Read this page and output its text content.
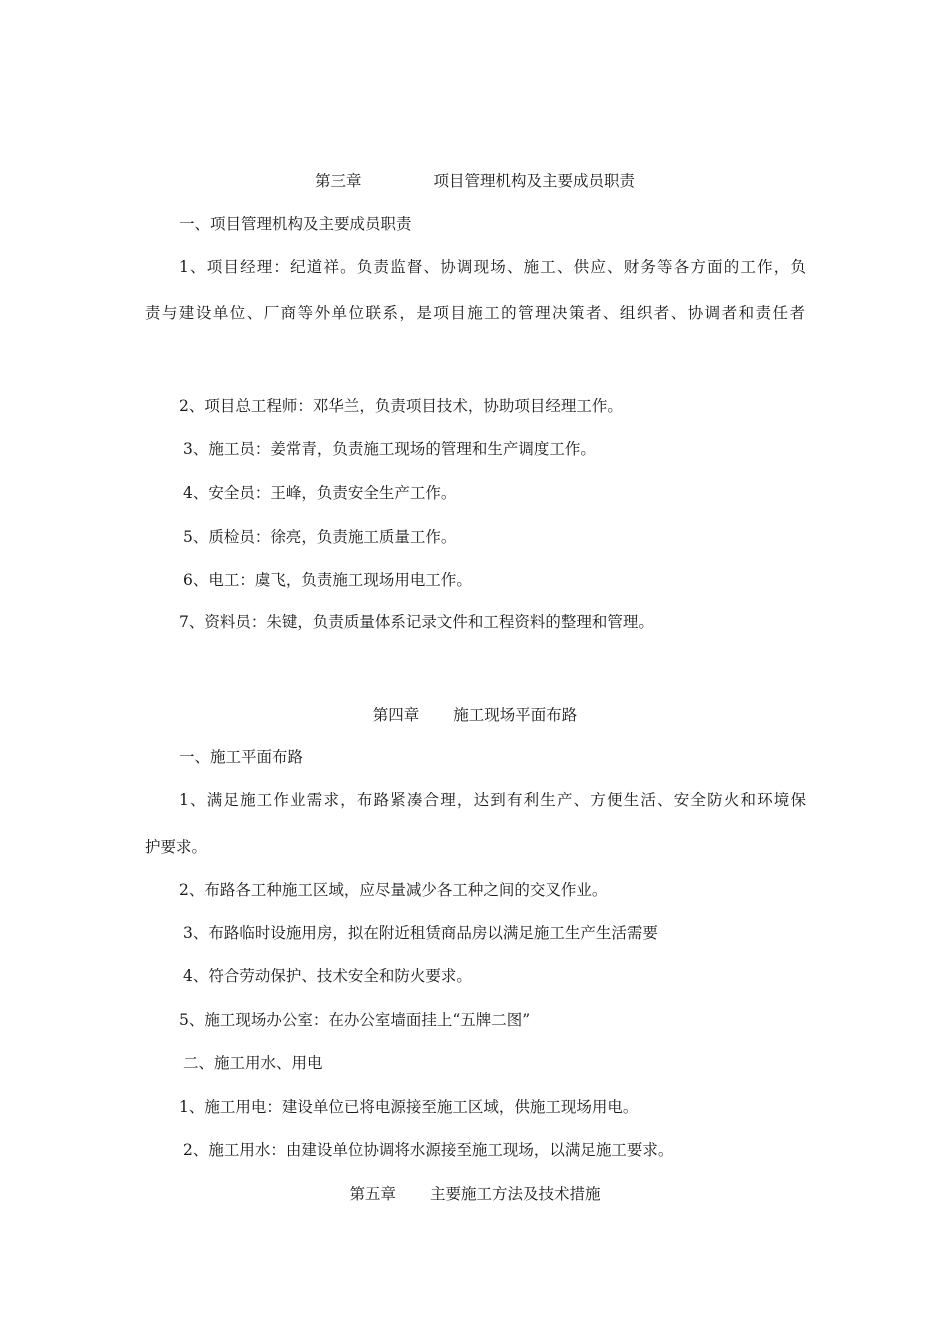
第三章	项目管理机构及主要成员职责

一、项目管理机构及主要成员职责

1、项目经理：纪道祥。负责监督、协调现场、施工、供应、财务等各方面的工作，负

责与建设单位、厂商等外单位联系，是项目施工的管理决策者、组织者、协调者和责任者

2、项目总工程师：邓华兰，负责项目技术，协助项目经理工作。

3、施工员：姜常青，负责施工现场的管理和生产调度工作。

4、安全员：王峰，负责安全生产工作。

5、质检员：徐亮，负责施工质量工作。

6、电工：虞飞，负责施工现场用电工作。

7、资料员：朱键，负责质量体系记录文件和工程资料的整理和管理。

第四章 施工现场平面布路

一、施工平面布路

1、满足施工作业需求，布路紧凑合理，达到有利生产、方便生活、安全防火和环境保

护要求。

2、布路各工种施工区域，应尽量减少各工种之间的交叉作业。

3、布路临时设施用房，拟在附近租赁商品房以满足施工生产生活需要

4、符合劳动保护、技术安全和防火要求。

5、施工现场办公室：在办公室墙面挂上“五牌二图”

二、施工用水、用电

1、施工用电：建设单位已将电源接至施工区域，供施工现场用电。

2、施工用水：由建设单位协调将水源接至施工现场，以满足施工要求。

第五章 主要施工方法及技术措施
